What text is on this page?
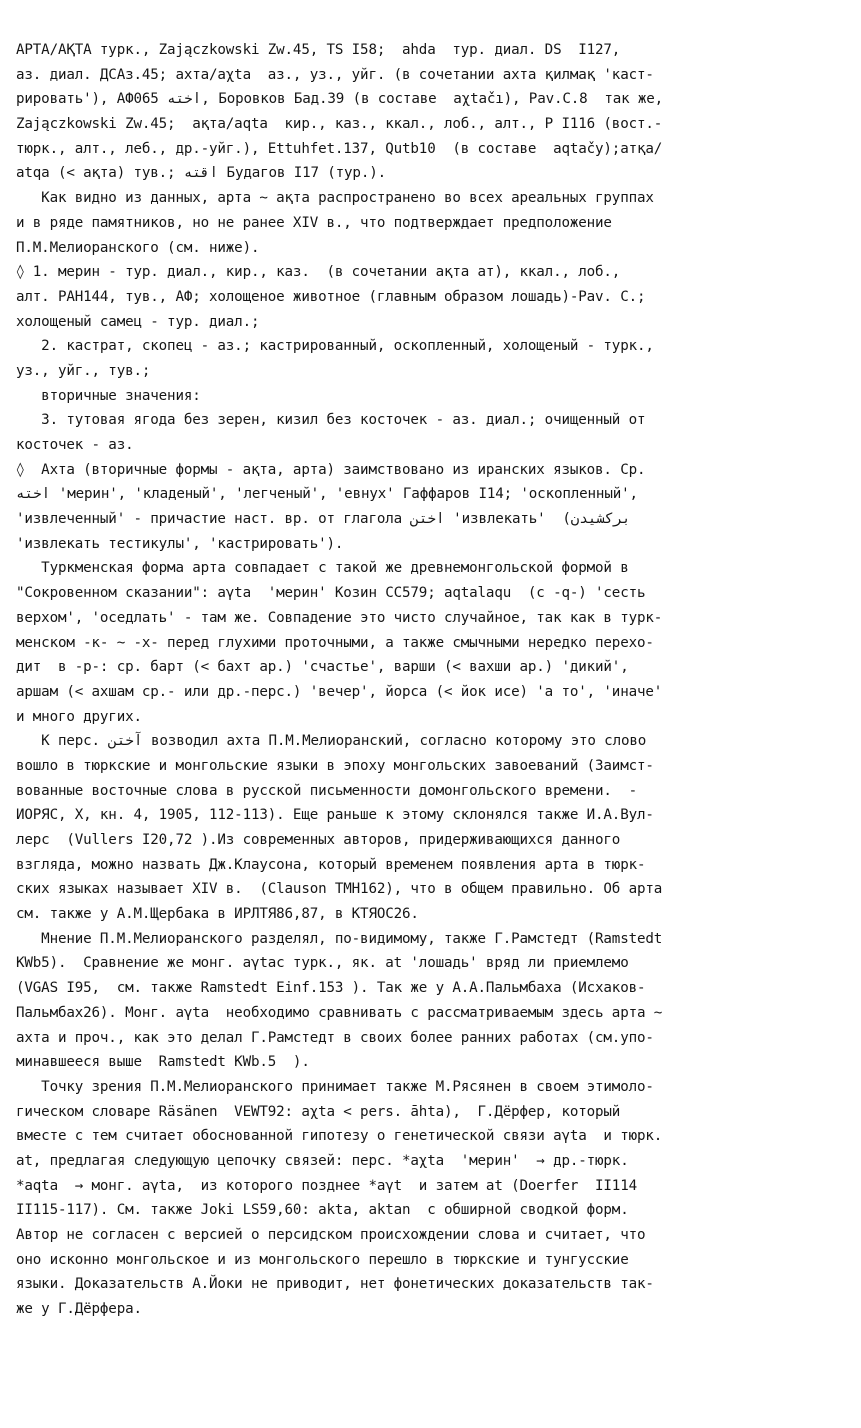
АРТА/АҚТА турк., Zajączkowski Zw.45, TS I58;  ahda  тур. диал. DS  I127,
аз. диал. ДСАз.45; ахта/aχta  аз., уз., уйг. (в сочетании ахта қилмақ 'каст-
рировать'), АФ065 اخته, Боровков Бад.39 (в составе  aχtačı), Pav.C.8  так же,
Zajączkowski Zw.45;  ақта/aqta  кир., каз., ккал., лоб., алт., Р I116 (вост.-
тюрк., алт., леб., др.-уйг.), Ettuhfet.137, Qutb10  (в составе  aqtačy);атқа/
atqa (< ақта) тув.; اقته Будагов I17 (тур.).
Как видно из данных, арта ~ ақта распространено во всех ареальных группах
и в ряде памятников, но не ранее XIV в., что подтверждает предположение
П.М.Мелиоранского (см. ниже).
◊ 1. мерин - тур. диал., кир., каз.  (в сочетании ақта ат), ккал., лоб.,
алт. РАН144, тув., АФ; холощеное животное (главным образом лошадь)-Pav. C.;
холощеный самец - тур. диал.;
2. кастрат, скопец - аз.; кастрированный, оскопленный, холощеный - турк.,
уз., уйг., тув.;
вторичные значения:
3. тутовая ягода без зерен, кизил без косточек - аз. диал.; очищенный от
косточек - аз.
◊  Ахта (вторичные формы - ақта, арта) заимствовано из иранских языков. Ср.
اخته 'мерин', 'кладеный', 'легченый', 'евнух' Гаффаров I14; 'оскопленный',
'извлеченный' - причастие наст. вр. от глагола اختن 'извлекать'  (برکشیدن
'извлекать тестикулы', 'кастрировать').
Туркменская форма арта совпадает с такой же древнемонгольской формой в
"Сокровенном сказании": aγta  'мерин' Козин СС579; aqtalaqu  (с -q-) 'сесть
верхом', 'оседлать' - там же. Совпадение это чисто случайное, так как в турк-
менском -к- ~ -х- перед глухими проточными, а также смычными нередко перехо-
дит  в -р-: ср. барт (< бахт ар.) 'счастье', варши (< вахши ар.) 'дикий',
аршам (< ахшам ср.- или др.-перс.) 'вечер', йорса (< йок исе) 'а то', 'иначе'
и много других.
К перс. آختن возводил ахта П.М.Мелиоранский, согласно которому это слово
вошло в тюркские и монгольские языки в эпоху монгольских завоеваний (Заимст-
вованные восточные слова в русской письменности домонгольского времени.  -
ИОРЯС, X, кн. 4, 1905, 112-113). Еще раньше к этому склонялся также И.А.Вул-
лерс  (Vullers I20,72 ).Из современных авторов, придерживающихся данного
взгляда, можно назвать Дж.Клаусона, который временем появления арта в тюрк-
ских языках называет XIV в.  (Clauson ТМН162), что в общем правильно. Об арта
см. также у А.М.Щербака в ИРЛТЯ86,87, в КТЯОС26.
Мнение П.М.Мелиоранского разделял, по-видимому, также Г.Рамстедт (Ramstedt
KWb5).  Сравнение же монг. aγtaс турк., як. at 'лошадь' вряд ли приемлемо
(VGAS I95,  см. также Ramstedt Einf.153 ). Так же у А.А.Пальмбаха (Исхаков-
Пальмбах26). Монг. aγta  необходимо сравнивать с рассматриваемым здесь арта ~
ахта и проч., как это делал Г.Рамстедт в своих более ранних работах (см.упо-
минавшееся выше  Ramstedt KWb.5  ).
Точку зрения П.М.Мелиоранского принимает также М.Рясянен в своем этимоло-
гическом словаре Räsänen  VEWT92: aχta < pers. āhta),  Г.Дёрфер, который
вместе с тем считает обоснованной гипотезу о генетической связи aγta  и тюрк.
at, предлагая следующую цепочку связей: перс. *aχta  'мерин'  → др.-тюрк.
*aqta  → монг. aγta,  из которого позднее *aγt  и затем at (Doerfer  II114
II115-117). См. также Joki LS59,60: akta, aktan  с обширной сводкой форм.
Автор не согласен с версией о персидском происхождении слова и считает, что
оно исконно монгольское и из монгольского перешло в тюркские и тунгусские
языки. Доказательств А.Йоки не приводит, нет фонетических доказательств так-
же у Г.Дёрфера.
